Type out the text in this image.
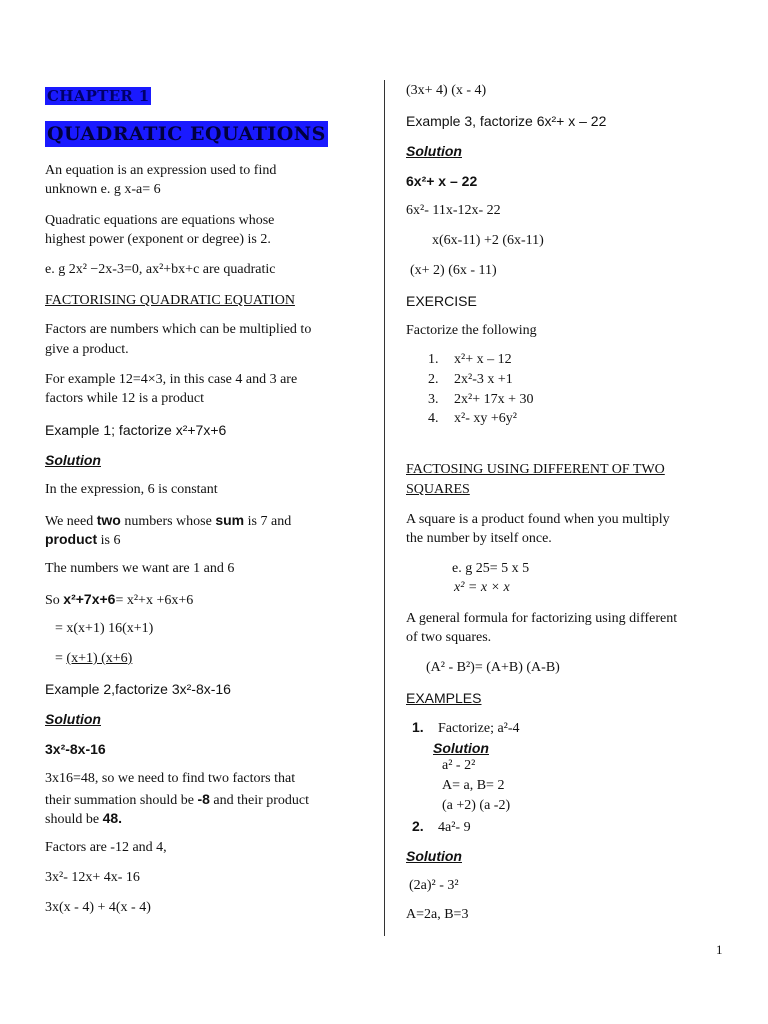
CHAPTER 1
QUADRATIC EQUATIONS
An equation is an expression used to find
unknown e. g x-a= 6
Quadratic equations are equations whose
highest power (exponent or degree) is 2.
e. g 2x² −2x-3=0, ax²+bx+c are quadratic
FACTORISING QUADRATIC EQUATION
Factors are numbers which can be multiplied to
give a product.
For example 12=4×3, in this case 4 and 3 are
factors while 12 is a product
Example 1; factorize x²+7x+6
Solution
In the expression, 6 is constant
We need two numbers whose sum is 7 and
product is 6
The numbers we want are 1 and 6
So x²+7x+6= x²+x +6x+6
= x(x+1) 16(x+1)
= (x+1) (x+6)
Example 2,factorize 3x²-8x-16
Solution
3x²-8x-16
3x16=48, so we need to find two factors that
their summation should be -8 and their product
should be 48.
Factors are -12 and 4,
3x²- 12x+ 4x- 16
3x(x - 4) + 4(x - 4)
(3x+ 4) (x - 4)
Example 3, factorize 6x²+ x – 22
Solution
6x²+ x – 22
6x²- 11x-12x- 22
x(6x-11) +2 (6x-11)
(x+ 2) (6x - 11)
EXERCISE
Factorize the following
1. x²+ x – 12
2. 2x²-3 x +1
3. 2x²+ 17x + 30
4. x²- xy +6y²
FACTOSING USING DIFFERENT OF TWO
SQUARES
A square is a product found when you multiply
the number by itself once.
e. g 25= 5 x 5
x² = x × x
A general formula for factorizing using different
of two squares.
(A² - B²)= (A+B) (A-B)
EXAMPLES
1. Factorize; a²-4
Solution
a² - 2²
A= a, B= 2
(a +2) (a -2)
2. 4a²- 9
Solution
(2a)² - 3²
A=2a, B=3
1
